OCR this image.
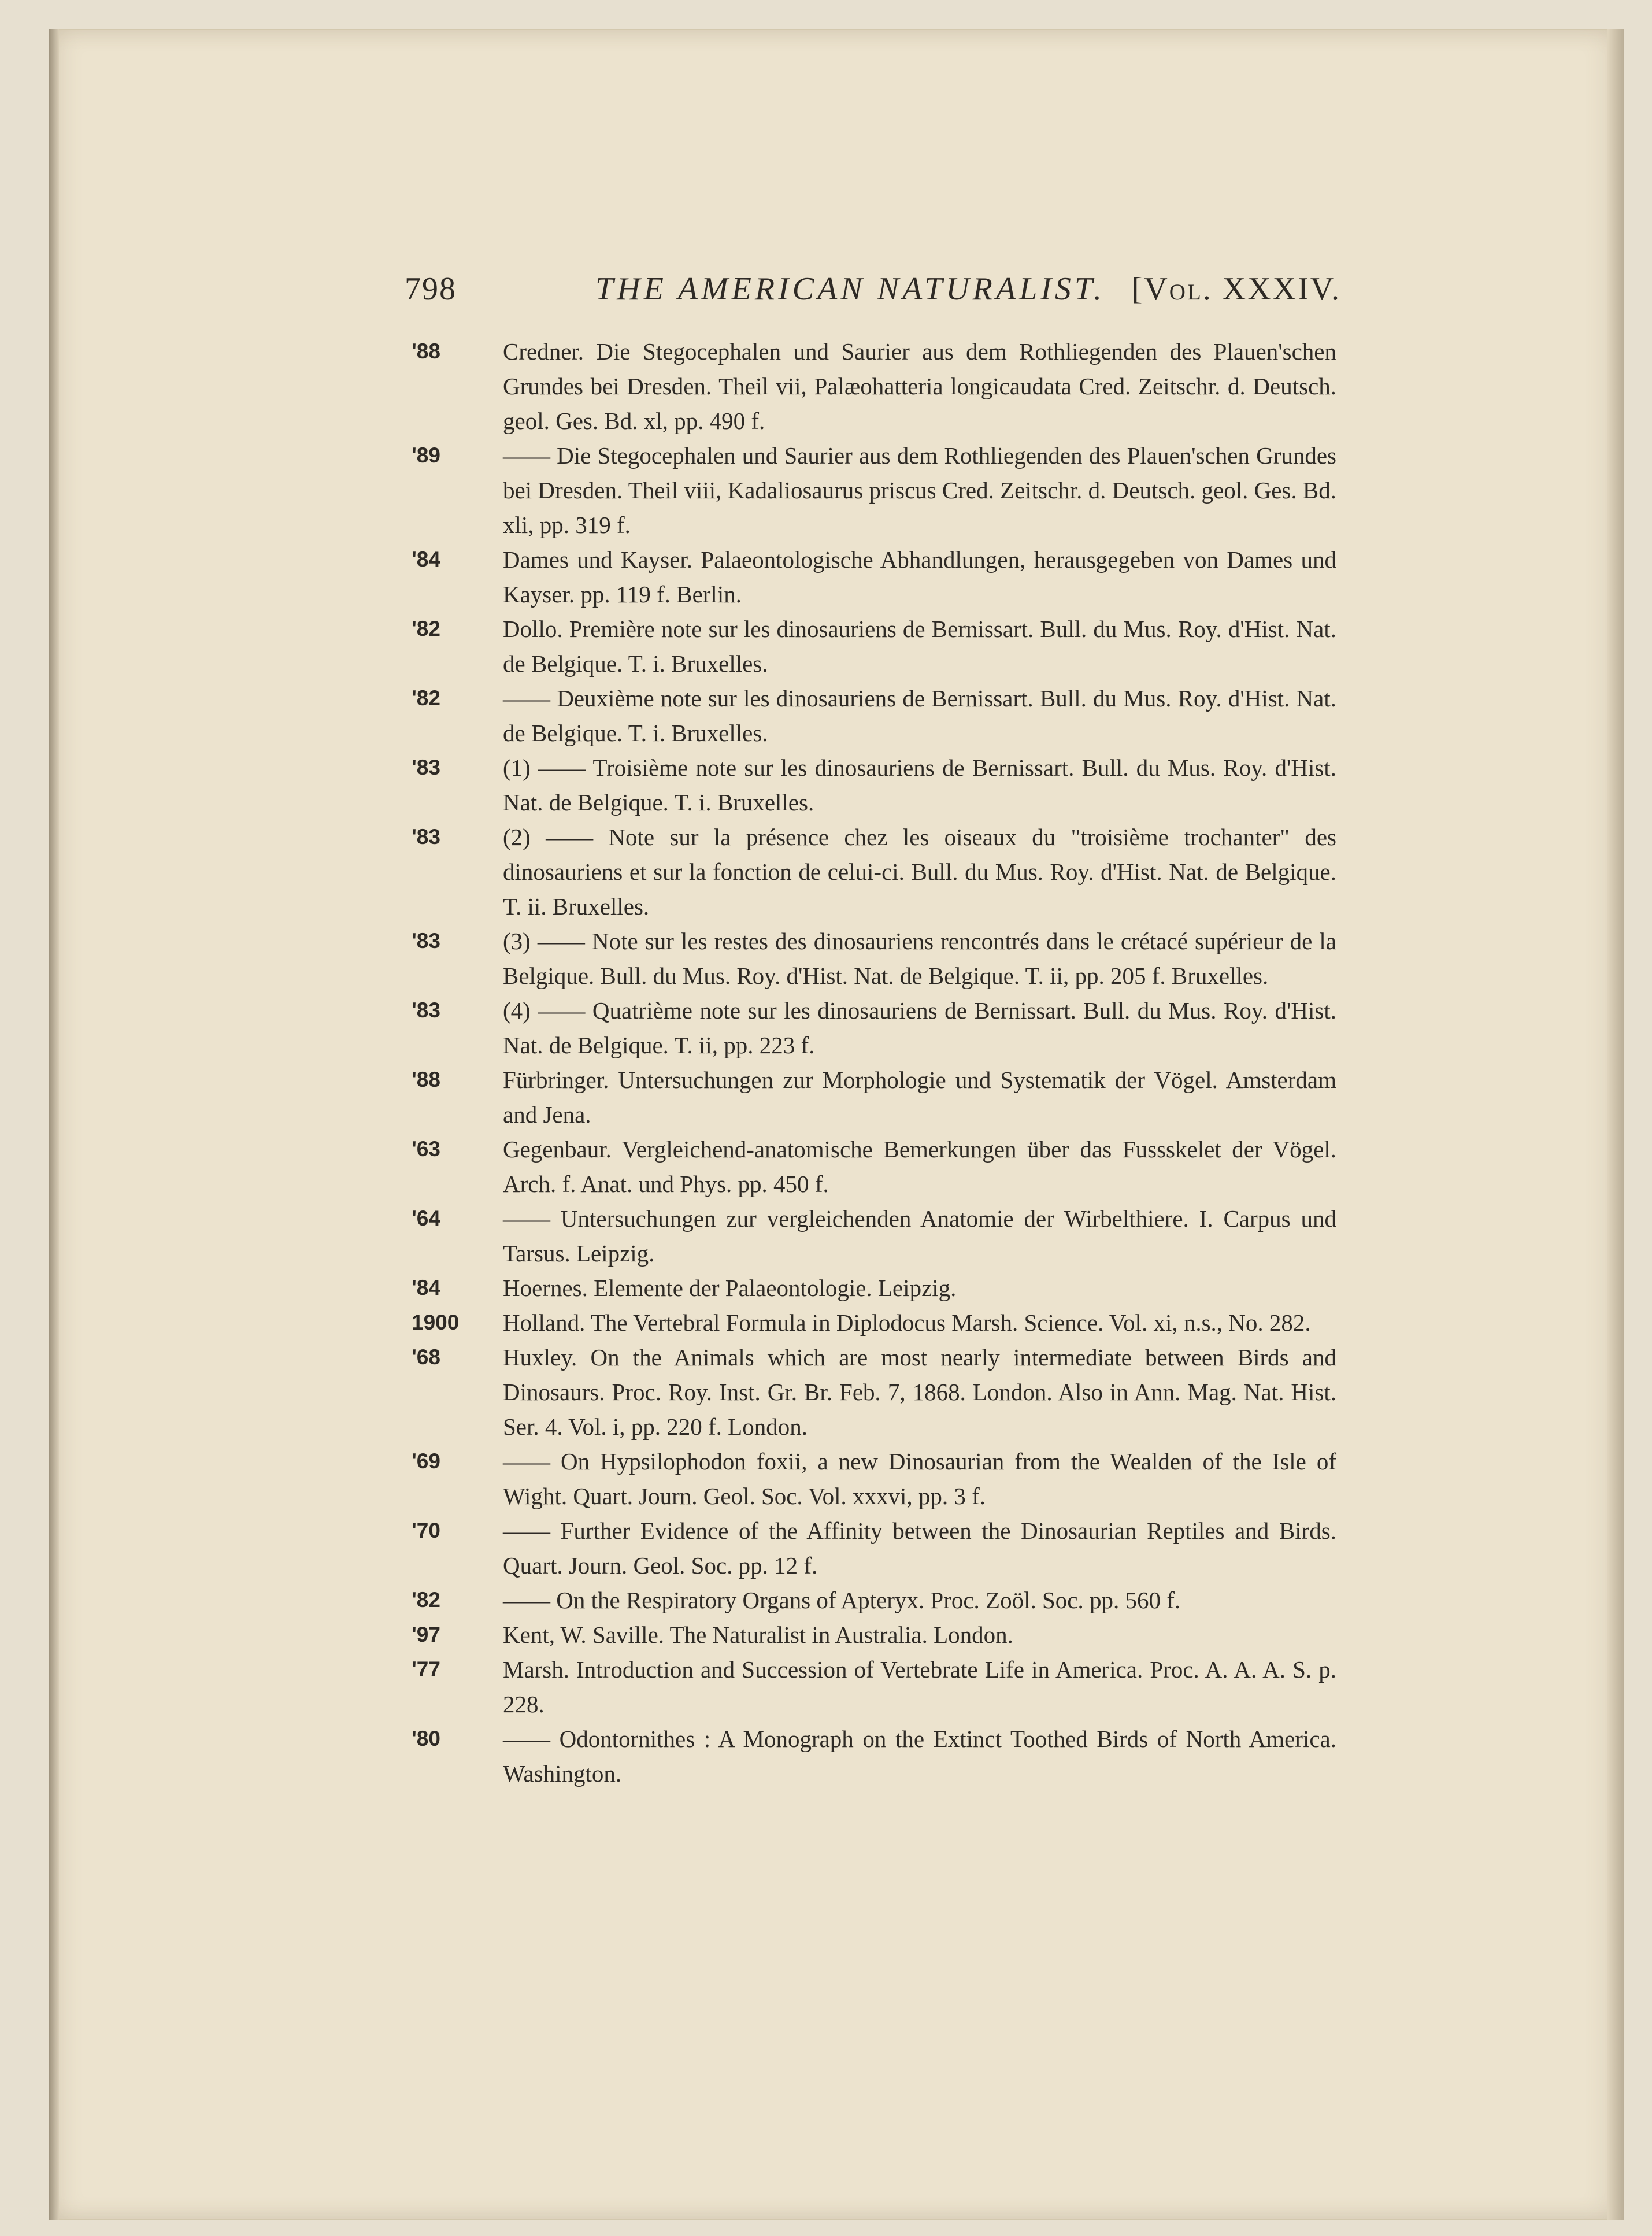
798	THE AMERICAN NATURALIST. [Vol. XXXIV.
'88	Credner. Die Stegocephalen und Saurier aus dem Rothliegenden des Plauen'schen Grundes bei Dresden. Theil vii, Palæohatteria longicaudata Cred. Zeitschr. d. Deutsch. geol. Ges. Bd. xl, pp. 490 f.
'89	—— Die Stegocephalen und Saurier aus dem Rothliegenden des Plauen'schen Grundes bei Dresden. Theil viii, Kadaliosaurus priscus Cred. Zeitschr. d. Deutsch. geol. Ges. Bd. xli, pp. 319 f.
'84	Dames und Kayser. Palaeontologische Abhandlungen, herausgegeben von Dames und Kayser. pp. 119 f. Berlin.
'82	Dollo. Première note sur les dinosauriens de Bernissart. Bull. du Mus. Roy. d'Hist. Nat. de Belgique. T. i. Bruxelles.
'82	—— Deuxième note sur les dinosauriens de Bernissart. Bull. du Mus. Roy. d'Hist. Nat. de Belgique. T. i. Bruxelles.
'83	(1) —— Troisième note sur les dinosauriens de Bernissart. Bull. du Mus. Roy. d'Hist. Nat. de Belgique. T. i. Bruxelles.
'83	(2) —— Note sur la présence chez les oiseaux du "troisième trochanter" des dinosauriens et sur la fonction de celui-ci. Bull. du Mus. Roy. d'Hist. Nat. de Belgique. T. ii. Bruxelles.
'83	(3) —— Note sur les restes des dinosauriens rencontrés dans le crétacé supérieur de la Belgique. Bull. du Mus. Roy. d'Hist. Nat. de Belgique. T. ii, pp. 205 f. Bruxelles.
'83	(4) —— Quatrième note sur les dinosauriens de Bernissart. Bull. du Mus. Roy. d'Hist. Nat. de Belgique. T. ii, pp. 223 f.
'88	Fürbringer. Untersuchungen zur Morphologie und Systematik der Vögel. Amsterdam and Jena.
'63	Gegenbaur. Vergleichend-anatomische Bemerkungen über das Fussskelet der Vögel. Arch. f. Anat. und Phys. pp. 450 f.
'64	—— Untersuchungen zur vergleichenden Anatomie der Wirbelthiere. I. Carpus und Tarsus. Leipzig.
'84	Hoernes. Elemente der Palaeontologie. Leipzig.
1900 Holland. The Vertebral Formula in Diplodocus Marsh. Science. Vol. xi, n.s., No. 282.
'68	Huxley. On the Animals which are most nearly intermediate between Birds and Dinosaurs. Proc. Roy. Inst. Gr. Br. Feb. 7, 1868. London. Also in Ann. Mag. Nat. Hist. Ser. 4. Vol. i, pp. 220 f. London.
'69	—— On Hypsilophodon foxii, a new Dinosaurian from the Wealden of the Isle of Wight. Quart. Journ. Geol. Soc. Vol. xxxvi, pp. 3 f.
'70	—— Further Evidence of the Affinity between the Dinosaurian Reptiles and Birds. Quart. Journ. Geol. Soc. pp. 12 f.
'82	—— On the Respiratory Organs of Apteryx. Proc. Zoöl. Soc. pp. 560 f.
'97	Kent, W. Saville. The Naturalist in Australia. London.
'77	Marsh. Introduction and Succession of Vertebrate Life in America. Proc. A. A. A. S. p. 228.
'80	—— Odontornithes : A Monograph on the Extinct Toothed Birds of North America. Washington.
